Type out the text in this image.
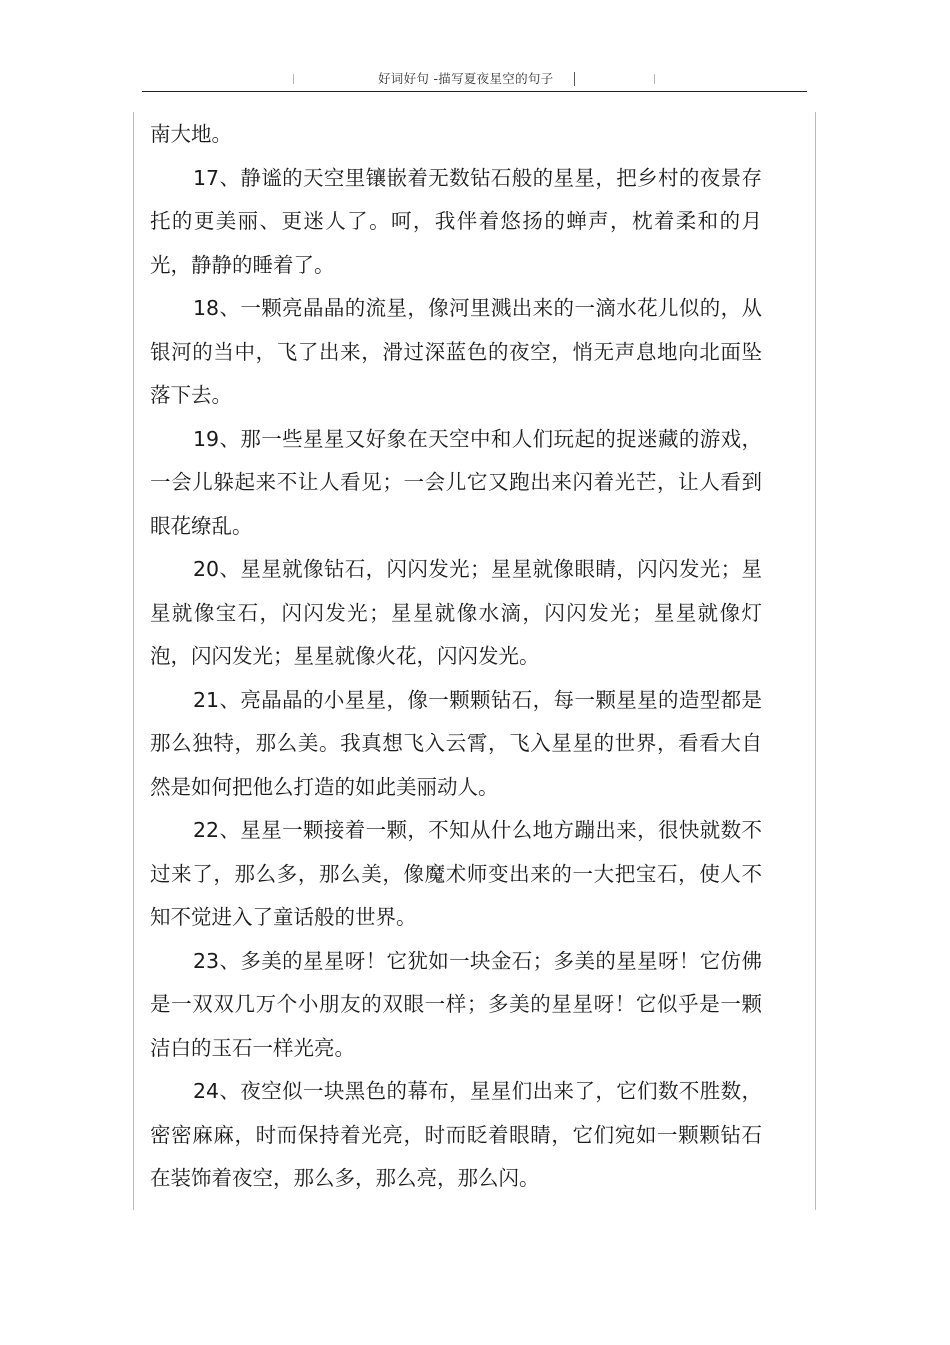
好词好句 -描写夏夜星空的句子

南大地。

17、静谧的天空里镶嵌着无数钻石般的星星，把乡村的夜景存托的更美丽、更迷人了。呵，我伴着悠扬的蝉声，枕着柔和的月光，静静的睡着了。

18、一颗亮晶晶的流星，像河里溅出来的一滴水花儿似的，从银河的当中，飞了出来，滑过深蓝色的夜空，悄无声息地向北面坠落下去。

19、那一些星星又好象在天空中和人们玩起的捉迷藏的游戏，一会儿躲起来不让人看见；一会儿它又跑出来闪着光芒，让人看到眼花缭乱。

20、星星就像钻石，闪闪发光；星星就像眼睛，闪闪发光；星星就像宝石，闪闪发光；星星就像水滴，闪闪发光；星星就像灯泡，闪闪发光；星星就像火花，闪闪发光。

21、亮晶晶的小星星，像一颗颗钻石，每一颗星星的造型都是那么独特，那么美。我真想飞入云霄，飞入星星的世界，看看大自然是如何把他么打造的如此美丽动人。

22、星星一颗接着一颗，不知从什么地方蹦出来，很快就数不过来了，那么多，那么美，像魔术师变出来的一大把宝石，使人不知不觉进入了童话般的世界。

23、多美的星星呀！它犹如一块金石；多美的星星呀！它仿佛是一双双几万个小朋友的双眼一样；多美的星星呀！它似乎是一颗洁白的玉石一样光亮。

24、夜空似一块黑色的幕布，星星们出来了，它们数不胜数，密密麻麻，时而保持着光亮，时而眨着眼睛，它们宛如一颗颗钻石在装饰着夜空，那么多，那么亮，那么闪。
